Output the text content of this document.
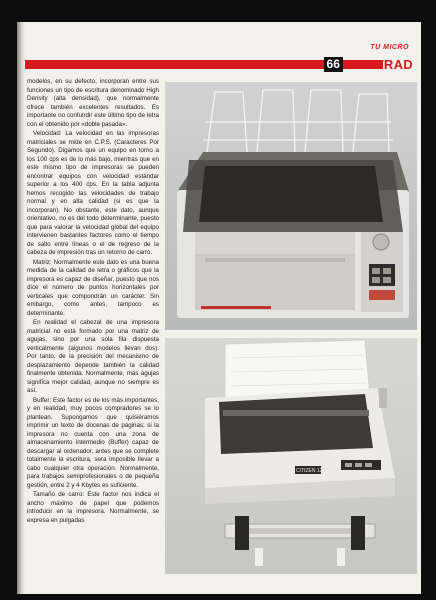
TU MICRO
66 AMSTRAD

modelos, en su defecto, incorporan entre sus funciones un tipo de escritura denominado High Density (alta densidad), que normalmente ofrece también excelentes resultados. Es importante no confundir este último tipo de letra con el obtenido por «doble pasada».

Velocidad: La velocidad en las impresoras matriciales se mide en C.P.S. (Caracteres Por Segundo). Digamos que un equipo en torno a los 100 cps es de lo más bajo, mientras que en este mismo tipo de impresoras se pueden encontrar equipos con velocidad estándar superior a los 400 cps. En la tabla adjunta hemos recogido las velocidades de trabajo normal y en alta calidad (si es que la incorporan). No obstante, este dato, aunque orientativo, no es del todo determinante, puesto que para valorar la velocidad global del equipo intervienen bastantes factores como el tiempo de salto entre líneas o el de regreso de la cabeza de impresión tras un retorno de carro.

Matriz: Normalmente este dato es una buena medida de la calidad de letra o gráficos que la impresora es capaz de diseñar, puesto que nos dice el número de puntos horizontales por verticales que compondrán un carácter. Sin embargo, como antes, tampoco es determinante.

En realidad el cabezal de una impresora matricial no está formado por una matriz de agujas, sino por una sola fila dispuesta verticalmente (algunos modelos llevan dos). Por tanto, de la precisión del mecanismo de desplazamiento depende también la calidad finalmente obtenida. Normalmente, más agujas significa mejor calidad, aunque no siempre es así.

Buffer: Este factor es de los más importantes, y en realidad, muy pocos compradores se lo plantean. Supongamos que quisiéramos imprimir un texto de docenas de páginas; si la impresora no cuenta con una zona de almacenamiento intermedio (Buffer) capaz de descargar al ordenador, antes que se complete totalmente la escritura, sera imposible llevar a cabo cualquier otra operación. Normalmente, para trabajos semiprofesionales o de pequeña gestión, entre 2 y 4 Kbytes es suficiente.

Tamaño de carro: Este factor nos indica el ancho máximo de papel que podemos introducir en la impresora. Normalmente, se expresa en pulgadas

CITIZEN 120D
